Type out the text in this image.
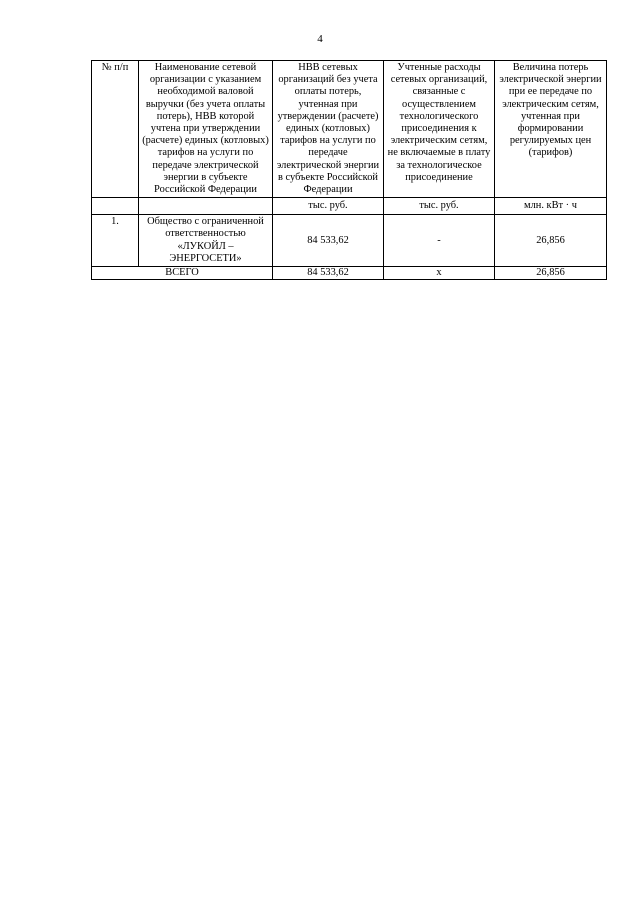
4
№ п/п	Наименование сетевой организации с указанием необходимой валовой выручки (без учета оплаты потерь), НВВ которой учтена при утверждении (расчете) единых (котловых) тарифов на услуги по передаче электрической энергии в субъекте Российской Федерации	НВВ сетевых организаций без учета оплаты потерь, учтенная при утверждении (расчете) единых (котловых) тарифов на услуги по передаче электрической энергии в субъекте Российской Федерации	Учтенные расходы сетевых организаций, связанные с осуществлением технологического присоединения к электрическим сетям, не включаемые в плату за технологическое присоединение	Величина потерь электрической энергии при ее передаче по электрическим сетям, учтенная при формировании регулируемых цен (тарифов)
		тыс. руб.	тыс. руб.	млн. кВт · ч
1.	Общество с ограниченной ответственностью «ЛУКОЙЛ – ЭНЕРГОСЕТИ»	84 533,62	-	26,856
ВСЕГО		84 533,62	х	26,856
